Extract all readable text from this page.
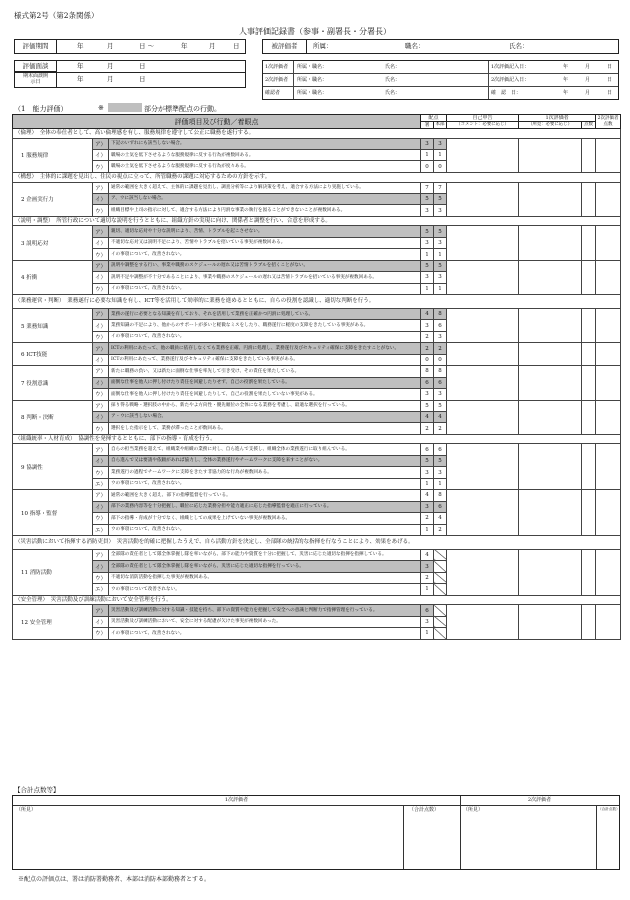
様式第2号（第2条関係）
人事評価記録書（参事・副署長・分署長）
評価期間	年	月	日 〜	年	月	日	被評価者	所属：	職名：	氏名：
評価面談	年	月	日
期末面談開示日	年	月	日
1次評価者 所属・職名：	氏名：	1次評価記入日：	年	月	日
2次評価者 所属・職名：	氏名：	2次評価記入日：	年	月	日
確認者	所属・職名：	氏名：	確　認　日：	年	月	日
（1　能力評価）	※	部分が標準配点の行動。
評価項目及び行動／着眼点			配点		自己申告	1次評価者		2次評価者点数
			署	本部	（コメント：必要に応じ）	（所見：必要に応じ）	点数	
（倫理）　全体の奉仕者として、高い倫理感を有し、服務規律を遵守して公正に職務を遂行する。								
1 服務規律	ア）	下記のいずれにも該当しない場合。	3	3				
	イ）	職場の士気を低下させるような服務規律に反する行為が複数回ある。	1	1				
	ウ）	職場の士気を低下させるような服務規律に反する行為が度々ある。	0	0				
（構想）　主体的に課題を見出し、住民の視点に立って、所管職務の課題に対応するための方針を示す。								
2 企画実行力	ア）	通常の範囲を大きく超えて、主体的に課題を見出し、調査分析等により解決策を考え、適合する方法により実施している。	7	7				
	イ）	ア、ウに該当しない場合。	5	5				
	ウ）	組織目標や上司の指示に対して、適合する方法により円滑な事業の執行を図ることができないことが複数回ある。	3	3				
（説明・調整）　所管行政について適切な説明を行うとともに、組織方針の実現に向け、関係者と調整を行い、合意を形成する。								
3 説明応対	ア）	親切、適切な応対や十分な説明により、苦情、トラブルを起こさせない。	5	5				
	イ）	不適切な応対又は説明不足により、苦情やトラブルを招いている事実が複数回ある。	3	3				
	ウ）	イの事項について、改善されない。	1	1				
4 折衝	ア）	説明や調整をする行い、事業や職務のスケジュールの遅れ又は苦情トラブルを招くことがない。	5	5				
	イ）	説明不足や調整が不十分であることにより、事業や職務のスケジュールの遅れ又は苦情トラブルを招いている事実が複数回ある。	3	3				
	ウ）	イの事項について、改善されない。	1	1				
（業務運営・判断）　業務遂行に必要な知識を有し、ICT等を活用して効率的に業務を進めるとともに、自らの役割を認識し、適切な判断を行う。								
5 業務知識	ア）	業務の遂行に必要となる知識を有しており、それを活用して業務を正確かつ円滑に処理している。	4	8				
	イ）	業務知識の不足により、他からのサポートが多いと軽微なミスをしたり、職務遂行に軽度の支障をきたしている事実がある。	3	6				
	ウ）	イの事項について、改善されない。	2	3				
6 ICT技能	ア）	ICTの利用にあたって、他の職員に依存しなくても業務を正確、円滑に処理し、業務遂行及びセキュリティ確保に支障をきたすことがない。	2	2				
	イ）	ICTの利用にあたって、業務遂行及びセキュリティ確保に支障をきたしている事実がある。	0	0				
7 役割意識	ア）	新たに職務の負い、又は新たに面倒な仕事を率先して引き受け、その責任を果たしている。	8	8				
	イ）	面倒な仕事を他人に押し付けたり責任を回避したりせず、自己の役割を果たしている。	6	6				
	ウ）	面倒な仕事を他人に押し付けたり責任を回避したりして、自己の役割を果たしていない事実がある。	3	3				
8 判断・決断	ア）	採り得る戦略・選択肢の中から、新たやよ方向性・優先順位の全体になる業務を考慮し、最適な選択を行っている。	5	5				
	イ）	ア・ウに該当しない場合。	4	4				
	ウ）	選択をした指示をして、業務が滞ったことが数回ある。	2	2				
（組織統率・人材育成）　協調性を発揮するとともに、部下の指導・育成を行う。								
9 協調性	ア）	自らの担当業務を超えて、組織業や組織の業務に対し、自ら進んで支援し、組織全体の業務遂行に取り組んでいる。	6	6				
	イ）	自ら進んで又は要請や依頼があれば協力し、全体の業務遂行やチームワークに支障を来すことがない。	5	5				
	ウ）	業務遂行の過程でチームワークに支障をきたす非協力的な行為が複数回ある。	3	3				
	エ）	ウの事項について、改善されない。	1	1				
10 指導・監督	ア）	通常の範囲を大きく超え、部下の指導監督を行っている。	4	8				
	イ）	部下の業務内容等を十分把握し、職位に応じた業務分担や能力適正に応じた指導監督を適正に行っている。	3	6				
	ウ）	部下の指導・育成が十分でなく、組織としての成果を上げていない事実が複数回ある。	2	4				
	エ）	ウの事項について、改善されない。	1	2				
（災害活動において指揮する消防吏員）　災害活動を的確に把握したうえで、自ら活動方針を決定し、全部隊の統括的な指揮を行なうことにより、効果をあげる。								
11 消防活動	ア）	全部隊の責任者として隊全体掌握し隊を率いながら、部下の能力や資質を十分に把握して、災害に応じた適切な指揮を指揮している。	4					
	イ）	全部隊の責任者として隊全体掌握し隊を率いながら、災害に応じた適切な指揮を行っている。	3					
	ウ）	不適切な消防活動を指揮した事実が複数回ある。	2					
	エ）	ウの事項について改善されない。	1					
（安全管理）　災害活動及び訓練活動において安全管理を行う。								
12 安全管理	ア）	災害活動及び訓練活動に対する知識・技能を持ち、部下の資質や能力を把握して安全への意識と判断力で指揮管理を行っている。	6					
	イ）	災害活動及び訓練活動において、安全に対する配慮が欠けた事実が複数回あった。	3					
	ウ）	イの事項について、改善されない。	1					
【合計点数等】
1次評価者	2次評価者
（所見）	（合計点数）	（所見）	（合計点数）
※配点の評価点は、署は消防署勤務者、本部は消防本部勤務者とする。
